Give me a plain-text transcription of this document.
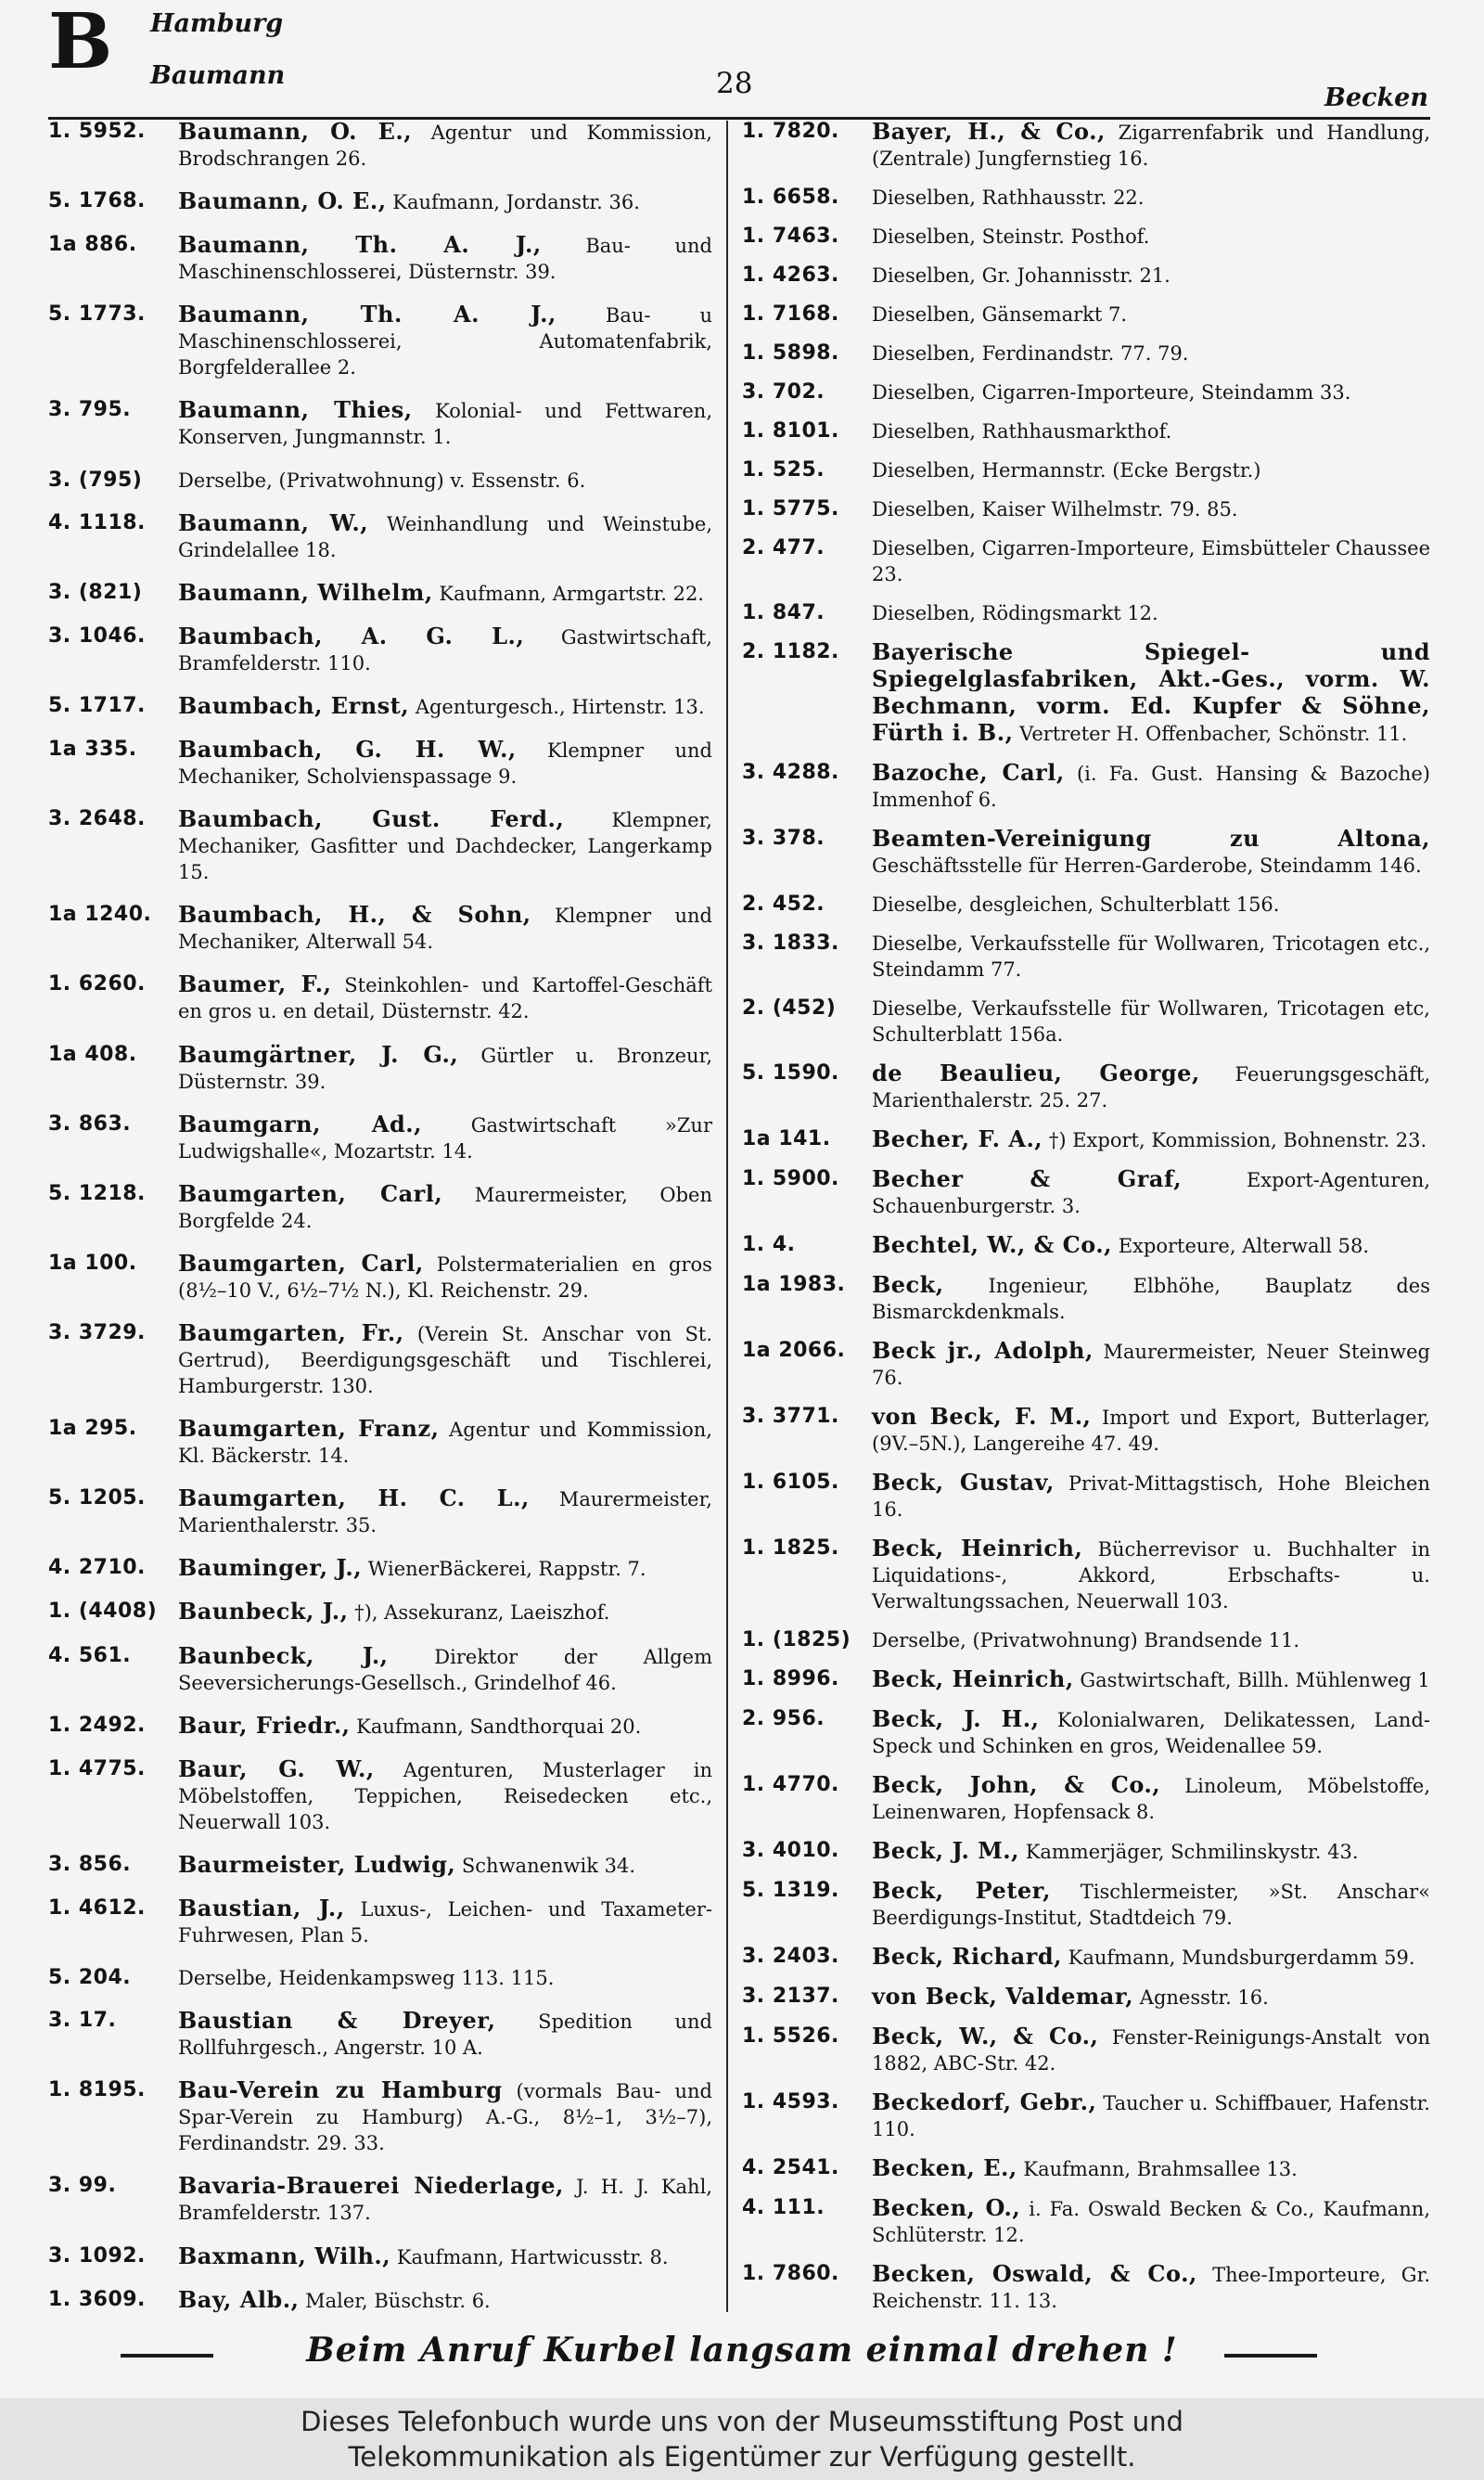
B Hamburg
Baumann	28	Becken
1. 5952.	Baumann, O. E., Agentur und Kommission, Brodschrangen 26.
5. 1768.	Baumann, O. E., Kaufmann, Jordanstr. 36.
1a 886.	Baumann, Th. A. J., Bau- und Maschinenschlosserei, Düsternstr. 39.
5. 1773.	Baumann, Th. A. J.,	Bau- u Maschinenschlosserei, Automatenfabrik, Borgfelderallee 2.
3. 795.	Baumann, Thies, Kolonial- und Fettwaren, Konserven, Jungmannstr. 1.
3. (795)	Derselbe, (Privatwohnung) v. Essenstr. 6.
4. 1118.	Baumann, W., Weinhandlung und Weinstube, Grindelallee 18.
3. (821)	Baumann, Wilhelm, Kaufmann, Armgartstr. 22.
3. 1046.	Baumbach, A. G. L., Gastwirtschaft, Bramfelderstr. 110.
5. 1717.	Baumbach, Ernst, Agenturgesch., Hirtenstr. 13.
1a 335.	Baumbach, G. H. W., Klempner und Mechaniker, Scholvienspassage 9.
3. 2648.	Baumbach, Gust. Ferd., Klempner, Mechaniker, Gasfitter und Dachdecker, Langerkamp 15.
1a 1240.	Baumbach, H., & Sohn, Klempner und Mechaniker, Alterwall 54.
1. 6260.	Baumer, F., Steinkohlen- und Kartoffel-Geschäft en gros u. en detail, Düsternstr. 42.
1a 408.	Baumgärtner, J. G., Gürtler u. Bronzeur, Düsternstr. 39.
3. 863.	Baumgarn, Ad.,	Gastwirtschaft »Zur Ludwigshalle«, Mozartstr. 14.
5. 1218.	Baumgarten, Carl, Maurermeister, Oben Borgfelde 24.
1a 100.	Baumgarten, Carl, Polstermaterialien en gros (8½–10 V., 6½–7½ N.), Kl. Reichenstr. 29.
3. 3729.	Baumgarten, Fr., (Verein St. Anschar von St. Gertrud), Beerdigungsgeschäft und Tischlerei, Hamburgerstr. 130.
1a 295.	Baumgarten, Franz, Agentur und Kommission, Kl. Bäckerstr. 14.
5. 1205.	Baumgarten, H. C. L., Maurermeister, Marienthalerstr. 35.
4. 2710.	Bauminger, J., WienerBäckerei, Rappstr. 7.
1. (4408) Baunbeck, J., †), Assekuranz, Laeiszhof.
4. 561.	Baunbeck, J., Direktor der Allgem Seeversicherungs-Gesellsch., Grindelhof 46.
1. 2492.	Baur, Friedr., Kaufmann, Sandthorquai 20.
1. 4775.	Baur, G. W., Agenturen, Musterlager in Möbelstoffen, Teppichen, Reisedecken etc., Neuerwall 103.
3. 856.	Baurmeister, Ludwig, Schwanenwik 34.
1. 4612.	Baustian, J., Luxus-, Leichen- und Taxameter-Fuhrwesen, Plan 5.
5. 204.	Derselbe, Heidenkampsweg 113. 115.
3. 17.	Baustian & Dreyer, Spedition und Rollfuhrgesch., Angerstr. 10 A.
1. 8195.	Bau-Verein zu Hamburg (vormals Bau- und Spar-Verein zu Hamburg) A.-G., 8½–1, 3½–7), Ferdinandstr. 29. 33.
3. 99.	Bavaria-Brauerei Niederlage, J. H. J. Kahl, Bramfelderstr. 137.
3. 1092.	Baxmann, Wilh., Kaufmann, Hartwicusstr. 8.
1. 3609.	Bay, Alb., Maler, Büschstr. 6.
1. 7820.	Bayer, H., & Co., Zigarrenfabrik und Handlung, (Zentrale) Jungfernstieg 16.
1. 6658.	Dieselben, Rathhausstr. 22.
1. 7463.	Dieselben, Steinstr. Posthof.
1. 4263.	Dieselben, Gr. Johannisstr. 21.
1. 7168.	Dieselben, Gänsemarkt 7.
1. 5898.	Dieselben, Ferdinandstr. 77. 79.
3. 702.	Dieselben, Cigarren-Importeure, Steindamm 33.
1. 8101.	Dieselben, Rathhausmarkthof.
1. 525.	Dieselben, Hermannstr. (Ecke Bergstr.)
1. 5775.	Dieselben, Kaiser Wilhelmstr. 79. 85.
2. 477.	Dieselben, Cigarren-Importeure, Eimsbütteler Chaussee 23.
1. 847.	Dieselben, Rödingsmarkt 12.
2. 1182.	Bayerische Spiegel- und Spiegelglasfabriken, Akt.-Ges., vorm. W. Bechmann, vorm. Ed. Kupfer & Söhne, Fürth i. B., Vertreter H. Offenbacher, Schönstr. 11.
3. 4288.	Bazoche, Carl, (i. Fa. Gust. Hansing & Bazoche) Immenhof 6.
3. 378.	Beamten-Vereinigung zu Altona, Geschäftsstelle für Herren-Garderobe, Steindamm 146.
2. 452.	Dieselbe, desgleichen, Schulterblatt 156.
3. 1833.	Dieselbe, Verkaufsstelle für Wollwaren, Tricotagen etc., Steindamm 77.
2. (452)	Dieselbe, Verkaufsstelle für Wollwaren, Tricotagen etc, Schulterblatt 156a.
5. 1590.	de Beaulieu, George, Feuerungsgeschäft, Marienthalerstr. 25. 27.
1a 141.	Becher, F. A., †) Export, Kommission, Bohnenstr. 23.
1. 5900.	Becher & Graf,	Export-Agenturen, Schauenburgerstr. 3.
1. 4.	Bechtel, W., & Co., Exporteure, Alterwall 58.
1a 1983.	Beck, Ingenieur, Elbhöhe, Bauplatz des Bismarckdenkmals.
1a 2066.	Beck jr., Adolph, Maurermeister, Neuer Steinweg 76.
3. 3771.	von Beck, F. M., Import und Export, Butterlager, (9V.–5N.), Langereihe 47. 49.
1. 6105.	Beck, Gustav, Privat-Mittagstisch, Hohe Bleichen 16.
1. 1825.	Beck, Heinrich, Bücherrevisor u. Buchhalter in Liquidations-, Akkord, Erbschafts- u. Verwaltungssachen, Neuerwall 103.
1. (1825)	Derselbe, (Privatwohnung) Brandsende 11.
1. 8996.	Beck, Heinrich, Gastwirtschaft, Billh. Mühlenweg 1
2. 956.	Beck, J. H., Kolonialwaren, Delikatessen, Land-Speck und Schinken en gros, Weidenallee 59.
1. 4770.	Beck, John, & Co., Linoleum, Möbelstoffe, Leinenwaren, Hopfensack 8.
3. 4010.	Beck, J. M., Kammerjäger, Schmilinskystr. 43.
5. 1319.	Beck, Peter, Tischlermeister, »St. Anschar« Beerdigungs-Institut, Stadtdeich 79.
3. 2403.	Beck, Richard, Kaufmann, Mundsburgerdamm 59.
3. 2137.	von Beck, Valdemar, Agnesstr. 16.
1. 5526.	Beck, W., & Co., Fenster-Reinigungs-Anstalt von 1882, ABC-Str. 42.
1. 4593.	Beckedorf, Gebr., Taucher u. Schiffbauer, Hafenstr. 110.
4. 2541.	Becken, E., Kaufmann, Brahmsallee 13.
4. 111.	Becken, O., i. Fa. Oswald Becken & Co., Kaufmann, Schlüterstr. 12.
1. 7860.	Becken, Oswald, & Co., Thee-Importeure, Gr. Reichenstr. 11. 13.
Beim Anruf Kurbel langsam einmal drehen !
Dieses Telefonbuch wurde uns von der Museumsstiftung Post und
Telekommunikation als Eigentümer zur Verfügung gestellt.
